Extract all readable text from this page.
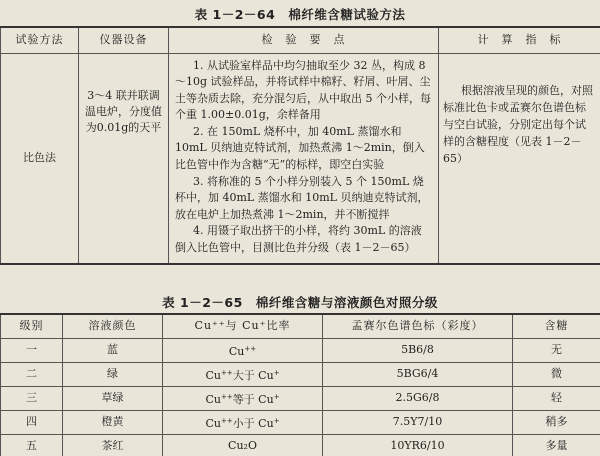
表 1－2－64　棉纤维含糖试验方法
试验方法	仪器设备	检　验　要　点	计　算　指　标
比色法	3～4 联并联调温电炉，分度值为0.01g的天平	1. 从试验室样品中均匀抽取至少 32 丛，构成 8～10g 试验样品，并将试样中棉籽、籽屑、叶屑、尘土等杂质去除，充分混匀后，从中取出 5 个小样，每个重 1.00±0.01g，余样备用

2. 在 150mL 烧杯中，加 40mL 蒸馏水和 10mL 贝纳迪克特试剂，加热煮沸 1～2min，倒入比色管中作为含糖“无”的标样，即空白实验

3. 将称准的 5 个小样分别装入 5 个 150mL 烧杯中，加 40mL 蒸馏水和 10mL 贝纳迪克特试剂，放在电炉上加热煮沸 1～2min，并不断搅拌

4. 用镊子取出挤干的小样，将约 30mL 的溶液倒入比色管中，目测比色并分级（表 1－2－65）	根据溶液呈现的颜色，对照标准比色卡或孟赛尔色谱色标与空白试验，分别定出每个试样的含糖程度（见表 1－2－65）
表 1－2－65　棉纤维含糖与溶液颜色对照分级
级别	溶液颜色	Cu⁺⁺与 Cu⁺比率	孟赛尔色谱色标（彩度）	含糖
一	蓝	Cu++	5B6/8	无
二	绿	Cu++大于 Cu+	5BG6/4	微
三	草绿	Cu++等于 Cu+	2.5G6/8	轻
四	橙黄	Cu++小于 Cu+	7.5Y7/10	稍多
五	茶红	Cu₂O	10YR6/10	多量
